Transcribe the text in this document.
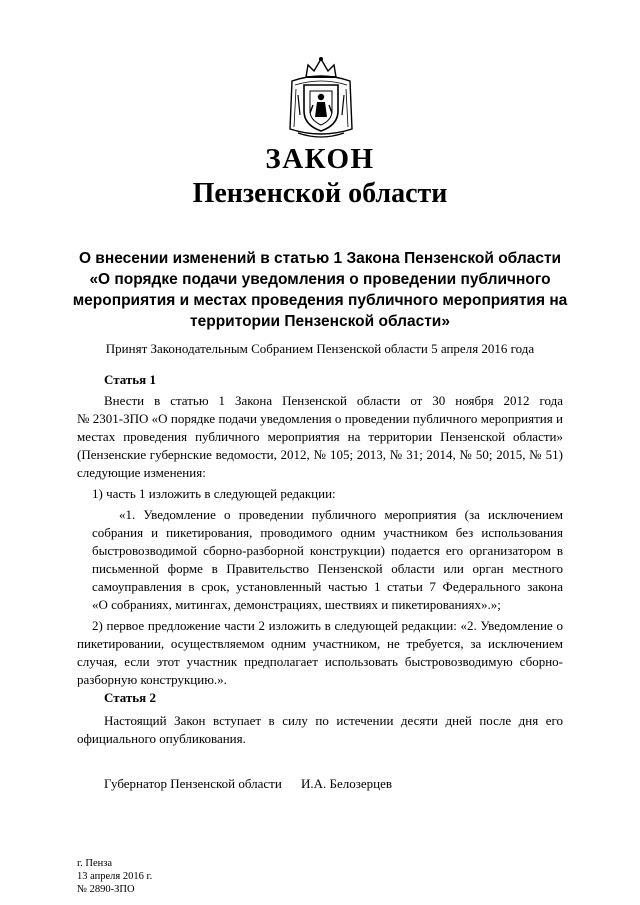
ЗАКОН
Пензенской области
О внесении изменений в статью 1 Закона Пензенской области
«О порядке подачи уведомления о проведении публичного
мероприятия и местах проведения публичного мероприятия на
территории Пензенской области»
Принят Законодательным Собранием Пензенской области 5 апреля 2016 года
Статья 1
Внести в статью 1 Закона Пензенской области от 30 ноября 2012 года
№ 2301-ЗПО «О порядке подачи уведомления о проведении публичного мероприятия и
местах проведения публичного мероприятия на территории Пензенской области»
(Пензенские губернские ведомости, 2012, № 105; 2013, № 31; 2014, № 50; 2015, № 51)
следующие изменения:
1) часть 1 изложить в следующей редакции:
«1. Уведомление о проведении публичного мероприятия (за исключением
собрания и пикетирования, проводимого одним участником без использования
быстровозводимой сборно-разборной конструкции) подается его организатором в
письменной форме в Правительство Пензенской области или орган местного
самоуправления в срок, установленный частью 1 статьи 7 Федерального закона
«О собраниях, митингах, демонстрациях, шествиях и пикетированиях».»;
2) первое предложение части 2 изложить в следующей редакции: «2. Уведомление о
пикетировании, осуществляемом одним участником, не требуется, за исключением
случая, если этот участник предполагает использовать быстровозводимую сборно-
разборную конструкцию.».
Статья 2
Настоящий Закон вступает в силу по истечении десяти дней после дня его
официального опубликования.
Губернатор Пензенской области И.А. Белозерцев
г. Пенза
13 апреля 2016 г.
№ 2890-ЗПО
